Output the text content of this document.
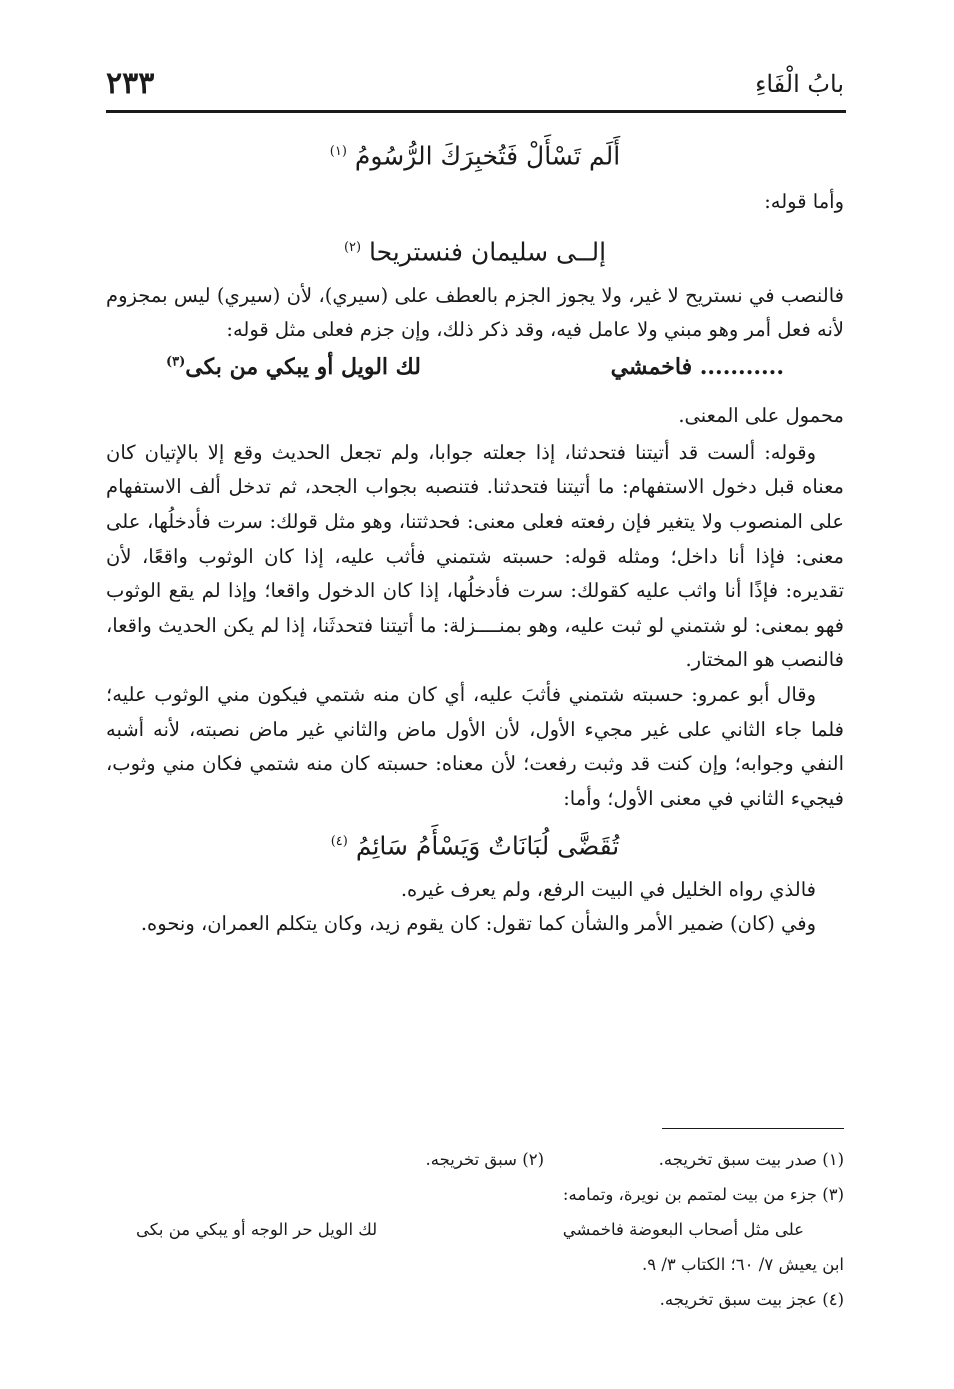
بابُ الْفَاءِ
٢٣٣
أَلَم تَسْأَلْ فَتُخبِرَكَ الرُّسُومُ $^{(١)}$

وأما قوله:

إلــى سليمان فنستريحا $^{(٢)}$

فالنصب في نستريح لا غير، ولا يجوز الجزم بالعطف على (سيري)، لأن (سيري) ليس بمجزوم لأنه فعل أمر وهو مبني ولا عامل فيه، وقد ذكر ذلك، وإن جزم فعلى مثل قوله:

........... فاخمشي
لك الويل أو يبكي من بكى$^{(٣)}$

محمول على المعنى.

وقوله: ألست قد أتيتنا فتحدثنا، إذا جعلته جوابا، ولم تجعل الحديث وقع إلا بالإتيان كان معناه قبل دخول الاستفهام: ما أتيتنا فتحدثنا. فتنصبه بجواب الجحد، ثم تدخل ألف الاستفهام على المنصوب ولا يتغير فإن رفعته فعلى معنى: فحدثتنا، وهو مثل قولك: سرت فأدخلُها، على معنى: فإذا أنا داخل؛ ومثله قوله: حسبته شتمني فأثب عليه، إذا كان الوثوب واقعًا، لأن تقديره: فإذًا أنا واثب عليه كقولك: سرت فأدخلُها، إذا كان الدخول واقعا؛ وإذا لم يقع الوثوب فهو بمعنى: لو شتمني لو ثبت عليه، وهو بمنــــزلة: ما أتيتنا فتحدثَنا، إذا لم يكن الحديث واقعا، فالنصب هو المختار.

وقال أبو عمرو: حسبته شتمني فأثبَ عليه، أي كان منه شتمي فيكون مني الوثوب عليه؛ فلما جاء الثاني على غير مجيء الأول، لأن الأول ماض والثاني غير ماض نصبته، لأنه أشبه النفي وجوابه؛ وإن كنت قد وثبت رفعت؛ لأن معناه: حسبته كان منه شتمي فكان مني وثوب، فيجيء الثاني في معنى الأول؛ وأما:

تُقَضَّى لُبَانَاتٌ وَيَسْأَمُ سَائِمُ $^{(٤)}$

فالذي رواه الخليل في البيت الرفع، ولم يعرف غيره.

وفي (كان) ضمير الأمر والشأن كما تقول: كان يقوم زيد، وكان يتكلم العمران، ونحوه.

(١) صدر بيت سبق تخريجه.
(٢) سبق تخريجه.
(٣) جزء من بيت لمتمم بن نويرة، وتمامه:
على مثل أصحاب البعوضة فاخمشي
لك الويل حر الوجه أو يبكي من بكى
ابن يعيش ٧/ ٦٠؛ الكتاب ٣/ ٩.
(٤) عجز بيت سبق تخريجه.
